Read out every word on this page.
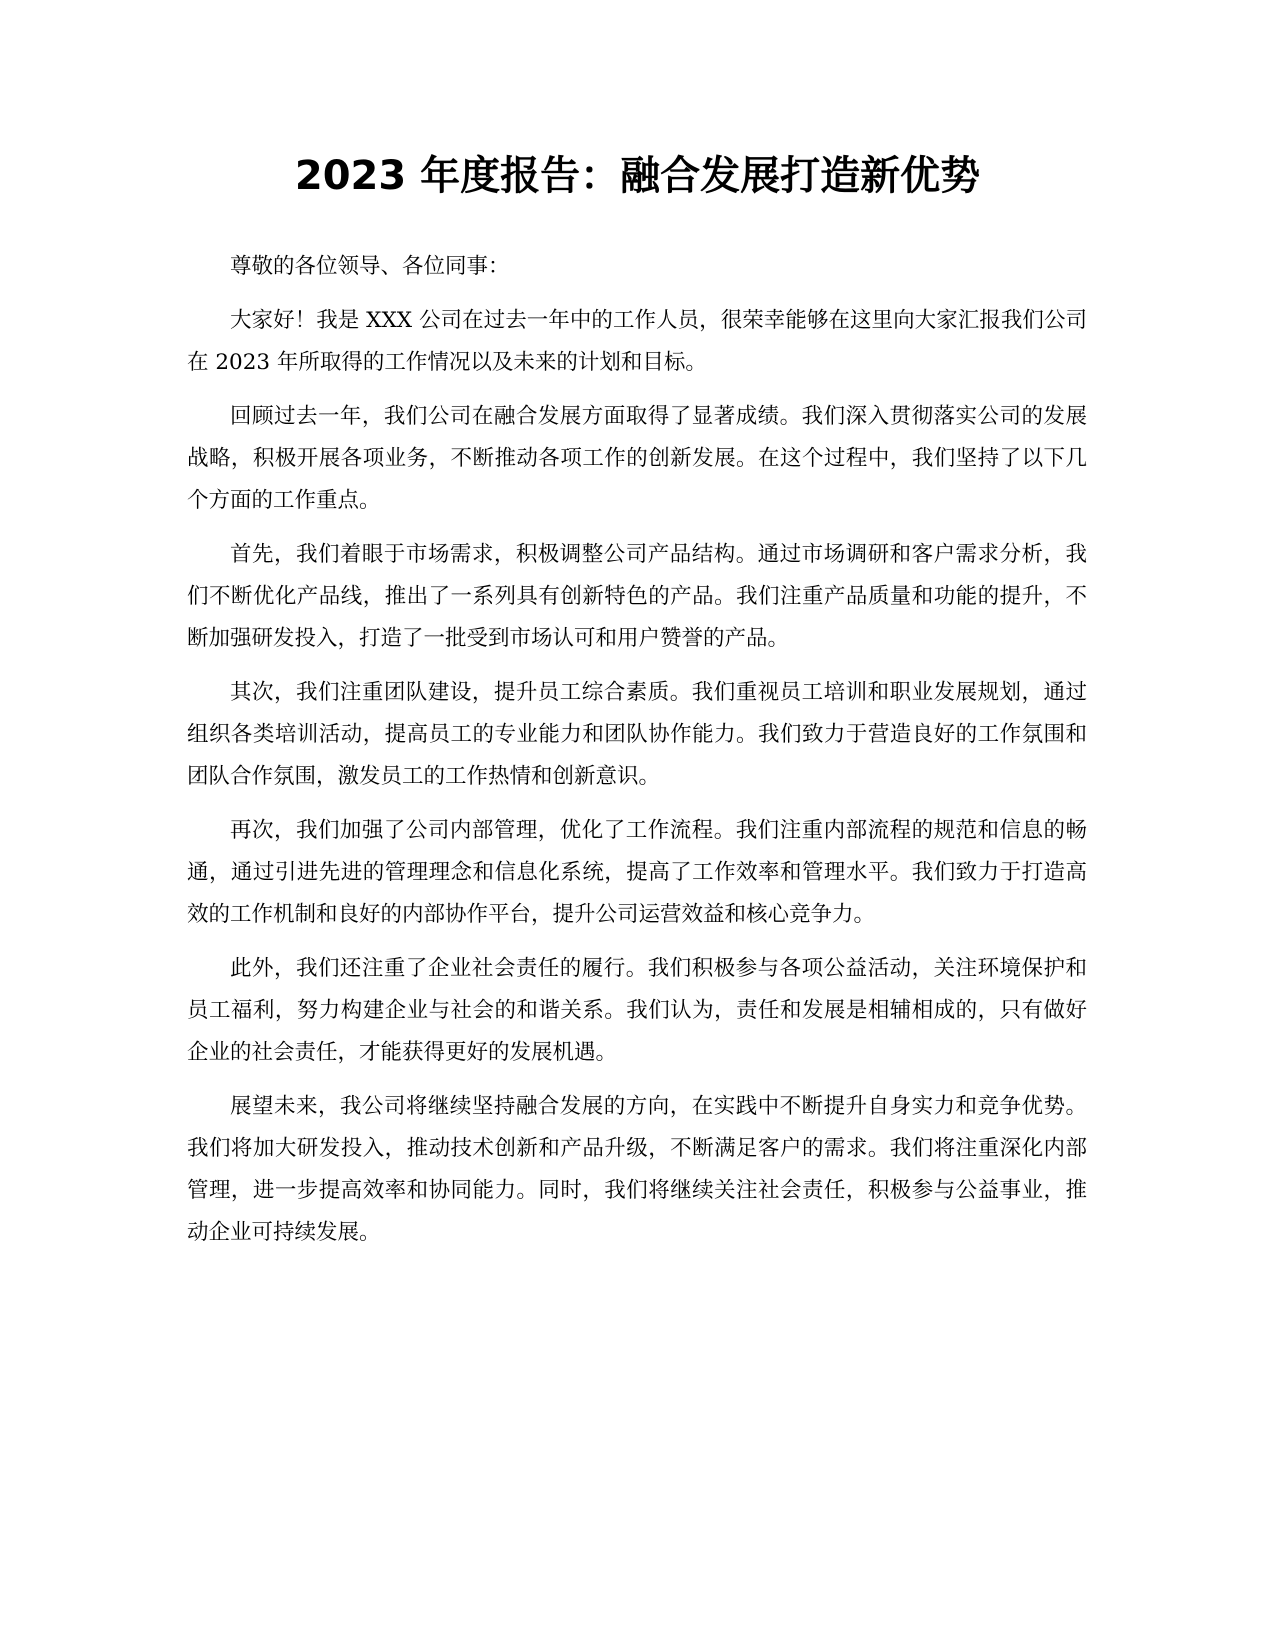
2023 年度报告：融合发展打造新优势

尊敬的各位领导、各位同事：

大家好！我是 XXX 公司在过去一年中的工作人员，很荣幸能够在这里向大家汇报我们公司在 2023 年所取得的工作情况以及未来的计划和目标。

回顾过去一年，我们公司在融合发展方面取得了显著成绩。我们深入贯彻落实公司的发展战略，积极开展各项业务，不断推动各项工作的创新发展。在这个过程中，我们坚持了以下几个方面的工作重点。

首先，我们着眼于市场需求，积极调整公司产品结构。通过市场调研和客户需求分析，我们不断优化产品线，推出了一系列具有创新特色的产品。我们注重产品质量和功能的提升，不断加强研发投入，打造了一批受到市场认可和用户赞誉的产品。

其次，我们注重团队建设，提升员工综合素质。我们重视员工培训和职业发展规划，通过组织各类培训活动，提高员工的专业能力和团队协作能力。我们致力于营造良好的工作氛围和团队合作氛围，激发员工的工作热情和创新意识。

再次，我们加强了公司内部管理，优化了工作流程。我们注重内部流程的规范和信息的畅通，通过引进先进的管理理念和信息化系统，提高了工作效率和管理水平。我们致力于打造高效的工作机制和良好的内部协作平台，提升公司运营效益和核心竞争力。

此外，我们还注重了企业社会责任的履行。我们积极参与各项公益活动，关注环境保护和员工福利，努力构建企业与社会的和谐关系。我们认为，责任和发展是相辅相成的，只有做好企业的社会责任，才能获得更好的发展机遇。

展望未来，我公司将继续坚持融合发展的方向，在实践中不断提升自身实力和竞争优势。我们将加大研发投入，推动技术创新和产品升级，不断满足客户的需求。我们将注重深化内部管理，进一步提高效率和协同能力。同时，我们将继续关注社会责任，积极参与公益事业，推动企业可持续发展。
